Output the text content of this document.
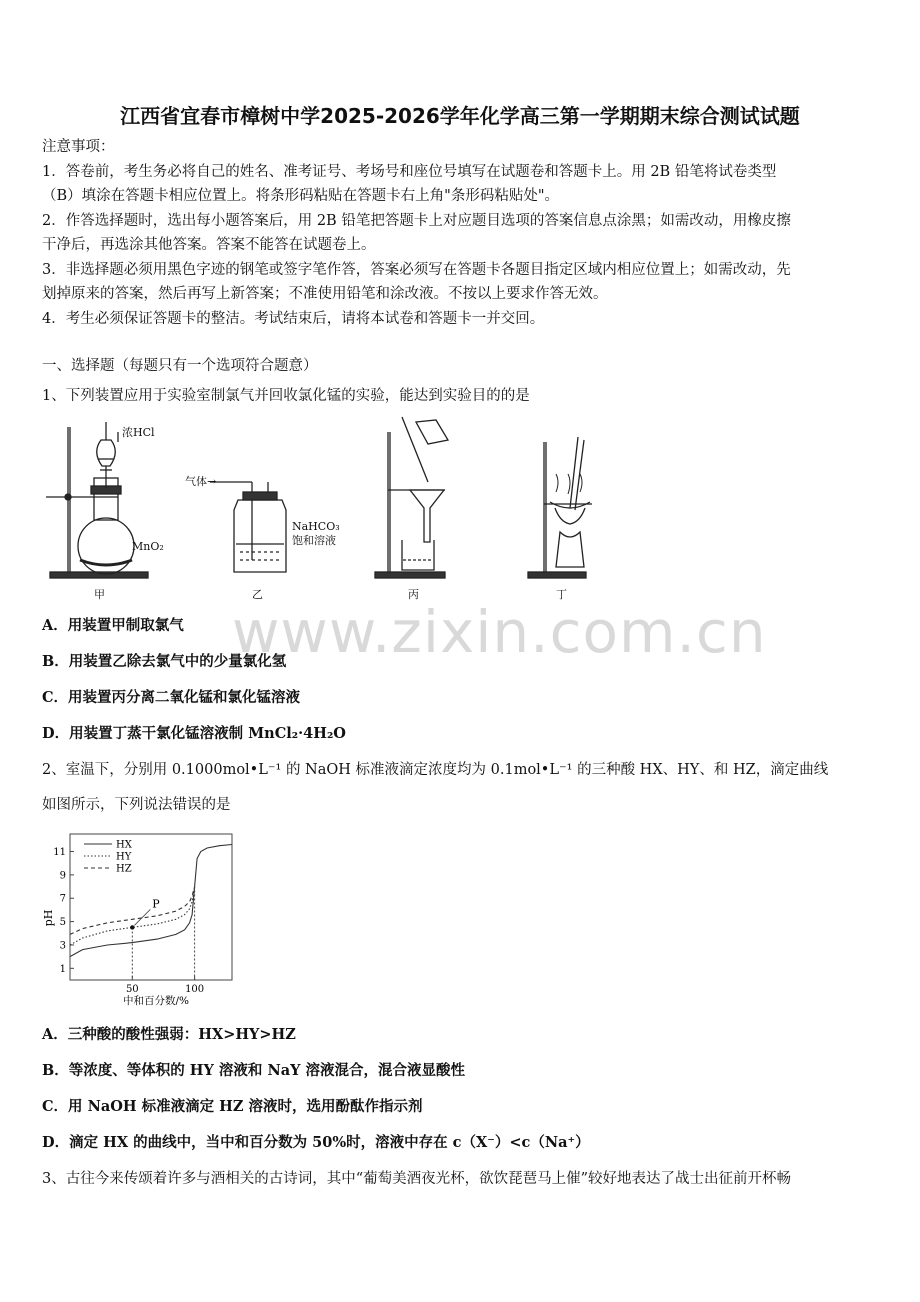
www.zixin.com.cn
江西省宜春市樟树中学2025-2026学年化学高三第一学期期末综合测试试题
注意事项：
1．答卷前，考生务必将自己的姓名、准考证号、考场号和座位号填写在试题卷和答题卡上。用 2B 铅笔将试卷类型
（B）填涂在答题卡相应位置上。将条形码粘贴在答题卡右上角"条形码粘贴处"。
2．作答选择题时，选出每小题答案后，用 2B 铅笔把答题卡上对应题目选项的答案信息点涂黑；如需改动，用橡皮擦
干净后，再选涂其他答案。答案不能答在试题卷上。
3．非选择题必须用黑色字迹的钢笔或签字笔作答，答案必须写在答题卡各题目指定区域内相应位置上；如需改动，先
划掉原来的答案，然后再写上新答案；不准使用铅笔和涂改液。不按以上要求作答无效。
4．考生必须保证答题卡的整洁。考试结束后，请将本试卷和答题卡一并交回。
一、选择题（每题只有一个选项符合题意）
1、下列装置应用于实验室制氯气并回收氯化锰的实验，能达到实验目的的是
浓HCl
MnO₂
气体→
NaHCO₃
饱和溶液
甲	乙	丙	丁
A．用装置甲制取氯气
B．用装置乙除去氯气中的少量氯化氢
C．用装置丙分离二氧化锰和氯化锰溶液
D．用装置丁蒸干氯化锰溶液制 MnCl₂·4H₂O
2、室温下，分别用 0.1000mol•L⁻¹ 的 NaOH 标准液滴定浓度均为 0.1mol•L⁻¹ 的三种酸 HX、HY、和 HZ，滴定曲线
如图所示，下列说法错误的是
1
3
5
7
9
11
50	100
HX
HY
HZ
pH
中和百分数/%
P
A．三种酸的酸性强弱：HX>HY>HZ
B．等浓度、等体积的 HY 溶液和 NaY 溶液混合，混合液显酸性
C．用 NaOH 标准液滴定 HZ 溶液时，选用酚酞作指示剂
D．滴定 HX 的曲线中，当中和百分数为 50%时，溶液中存在 c（X⁻）<c（Na⁺）
3、古往今来传颂着许多与酒相关的古诗词，其中“葡萄美酒夜光杯，欲饮琵琶马上催”较好地表达了战士出征前开杯畅
